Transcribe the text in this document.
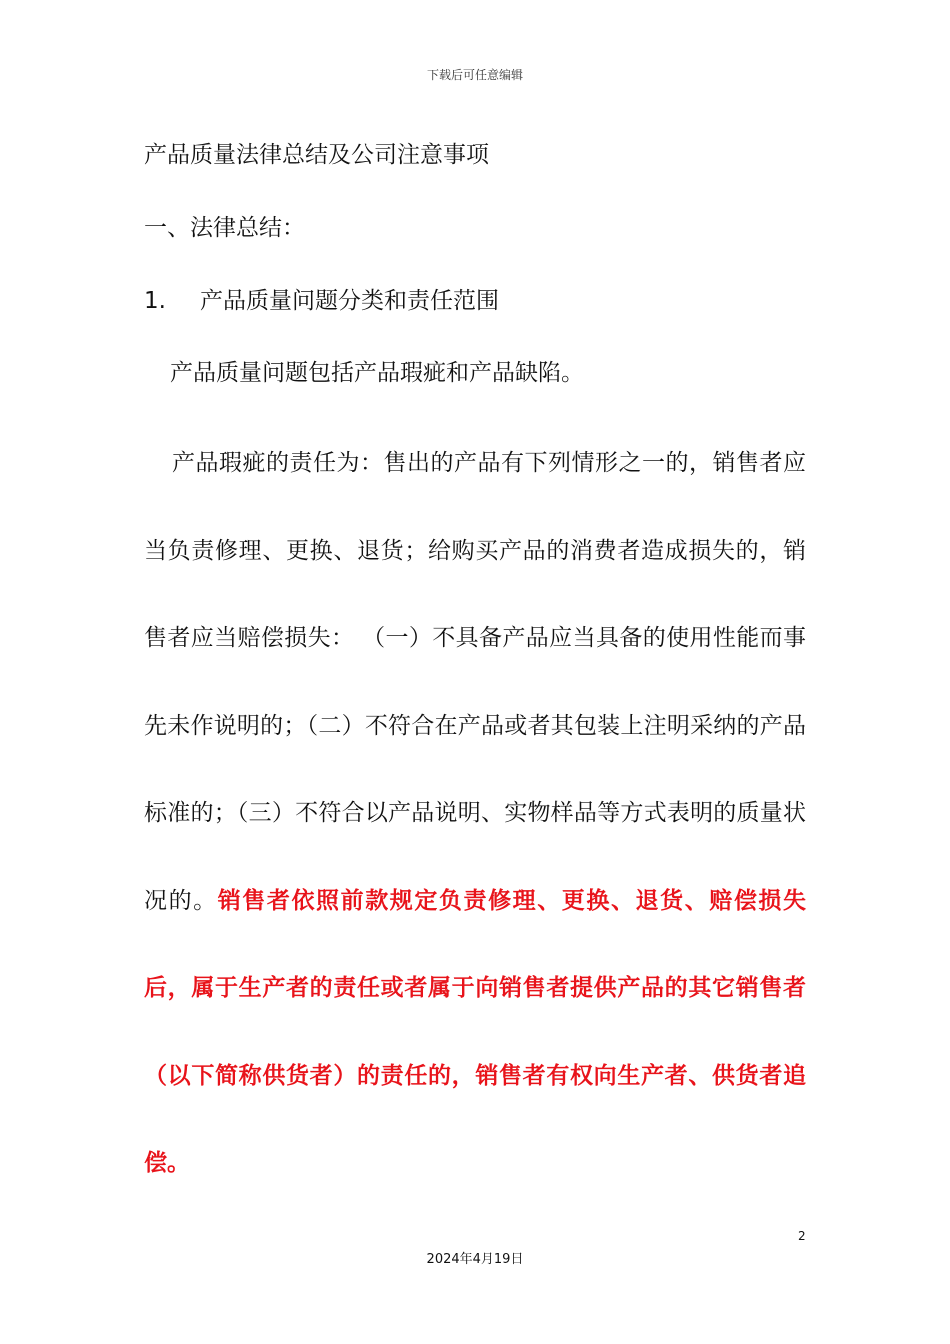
下载后可任意编辑
产品质量法律总结及公司注意事项
一、法律总结：
1. 产品质量问题分类和责任范围
产品质量问题包括产品瑕疵和产品缺陷。

产品瑕疵的责任为：售出的产品有下列情形之一的，销售者应当负责修理、更换、退货；给购买产品的消费者造成损失的，销售者应当赔偿损失： （一）不具备产品应当具备的使用性能而事先未作说明的；（二）不符合在产品或者其包装上注明采纳的产品标准的；（三）不符合以产品说明、实物样品等方式表明的质量状况的。销售者依照前款规定负责修理、更换、退货、赔偿损失后，属于生产者的责任或者属于向销售者提供产品的其它销售者（以下简称供货者）的责任的，销售者有权向生产者、供货者追偿。

2
2024年4月19日
